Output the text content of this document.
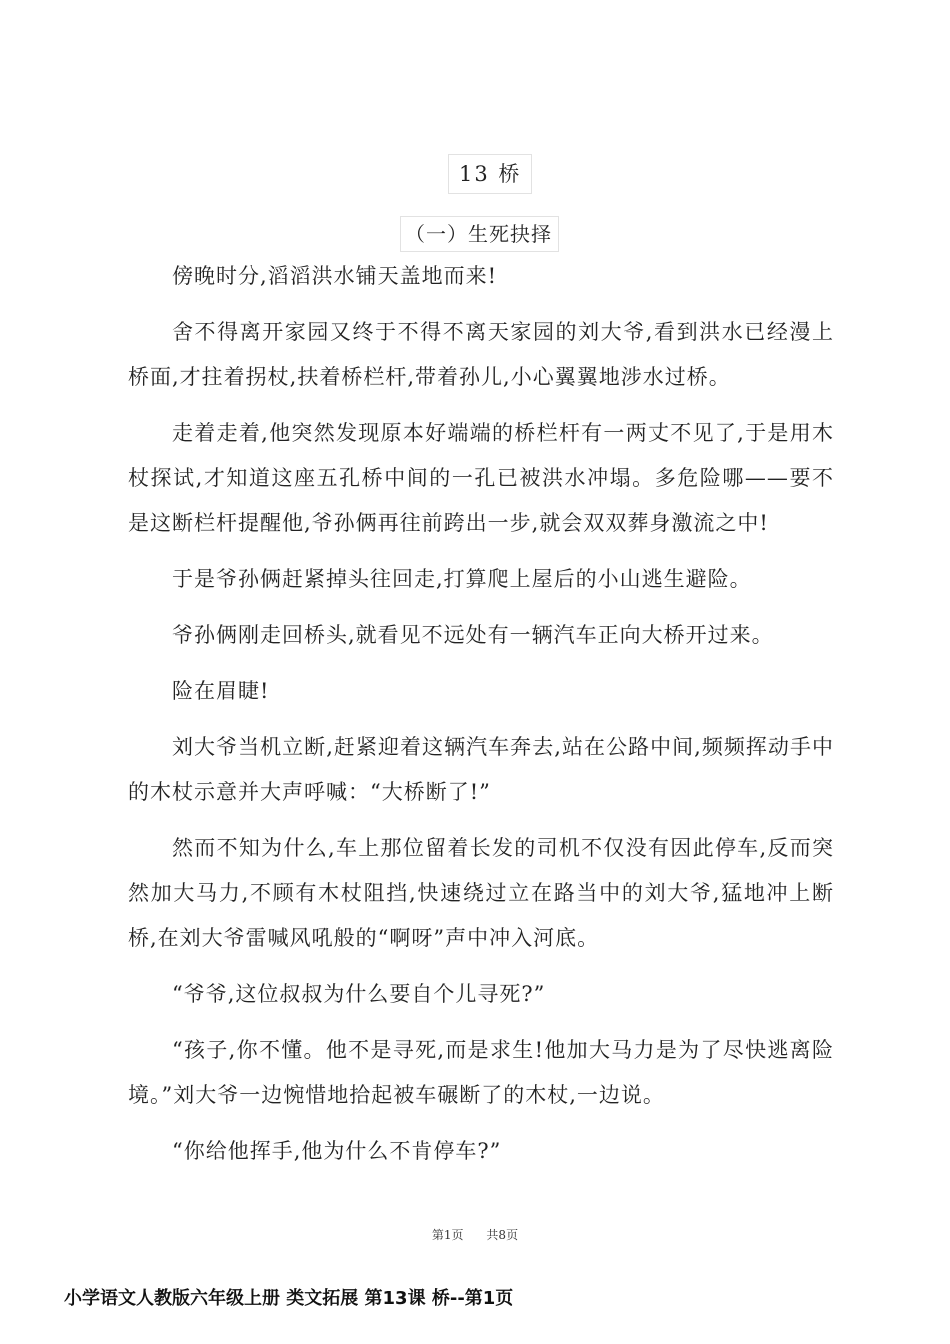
13 桥
（一）生死抉择

傍晚时分,滔滔洪水铺天盖地而来!

舍不得离开家园又终于不得不离天家园的刘大爷,看到洪水已经漫上桥面,才拄着拐杖,扶着桥栏杆,带着孙儿,小心翼翼地涉水过桥。

走着走着,他突然发现原本好端端的桥栏杆有一两丈不见了,于是用木杖探试,才知道这座五孔桥中间的一孔已被洪水冲塌。多危险哪——要不是这断栏杆提醒他,爷孙俩再往前跨出一步,就会双双葬身激流之中!

于是爷孙俩赶紧掉头往回走,打算爬上屋后的小山逃生避险。

爷孙俩刚走回桥头,就看见不远处有一辆汽车正向大桥开过来。

险在眉睫!

刘大爷当机立断,赶紧迎着这辆汽车奔去,站在公路中间,频频挥动手中的木杖示意并大声呼喊：“大桥断了!”

然而不知为什么,车上那位留着长发的司机不仅没有因此停车,反而突然加大马力,不顾有木杖阻挡,快速绕过立在路当中的刘大爷,猛地冲上断桥,在刘大爷雷喊风吼般的“啊呀”声中冲入河底。

“爷爷,这位叔叔为什么要自个儿寻死?”

“孩子,你不懂。他不是寻死,而是求生!他加大马力是为了尽快逃离险境。”刘大爷一边惋惜地拾起被车碾断了的木杖,一边说。

“你给他挥手,他为什么不肯停车?”

第1页      共8页
小学语文人教版六年级上册 类文拓展 第13课 桥--第1页
